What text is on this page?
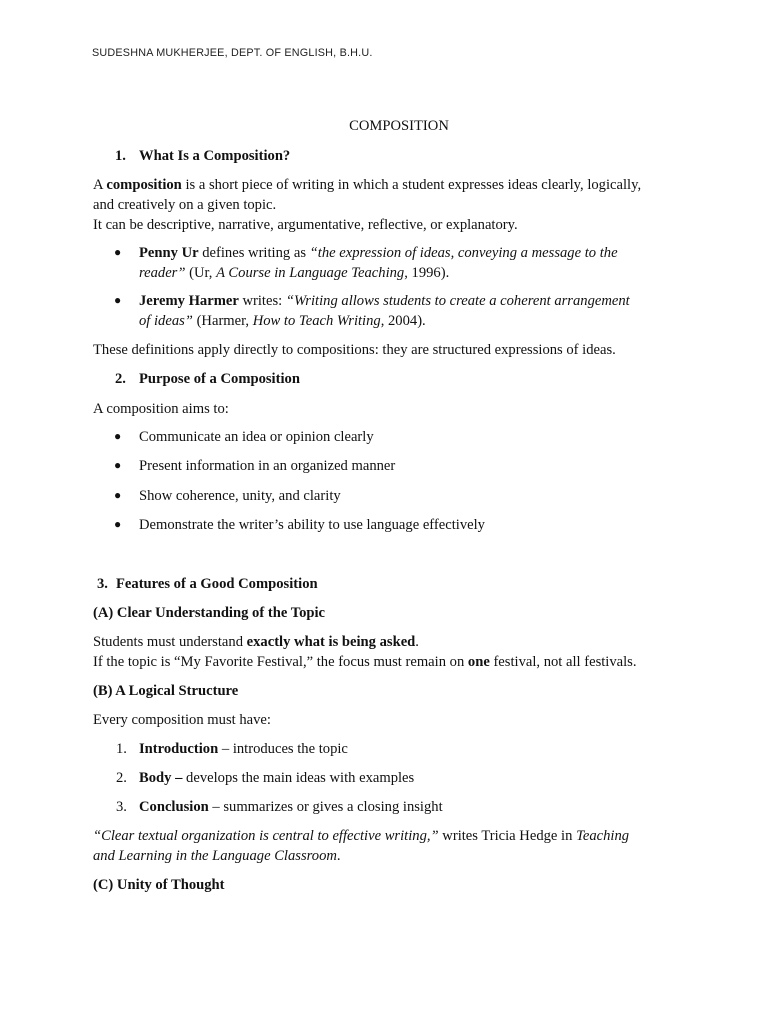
SUDESHNA MUKHERJEE, DEPT. OF ENGLISH, B.H.U.
COMPOSITION
1. What Is a Composition?
A composition is a short piece of writing in which a student expresses ideas clearly, logically,
and creatively on a given topic.
It can be descriptive, narrative, argumentative, reflective, or explanatory.
● Penny Ur defines writing as “the expression of ideas, conveying a message to the
reader” (Ur, A Course in Language Teaching, 1996).
● Jeremy Harmer writes: “Writing allows students to create a coherent arrangement
of ideas” (Harmer, How to Teach Writing, 2004).
These definitions apply directly to compositions: they are structured expressions of ideas.
2. Purpose of a Composition
A composition aims to:
● Communicate an idea or opinion clearly
● Present information in an organized manner
● Show coherence, unity, and clarity
● Demonstrate the writer’s ability to use language effectively
3. Features of a Good Composition
(A) Clear Understanding of the Topic
Students must understand exactly what is being asked.
If the topic is “My Favorite Festival,” the focus must remain on one festival, not all festivals.
(B) A Logical Structure
Every composition must have:
1. Introduction – introduces the topic
2. Body – develops the main ideas with examples
3. Conclusion – summarizes or gives a closing insight
“Clear textual organization is central to effective writing,” writes Tricia Hedge in Teaching
and Learning in the Language Classroom.
(C) Unity of Thought
